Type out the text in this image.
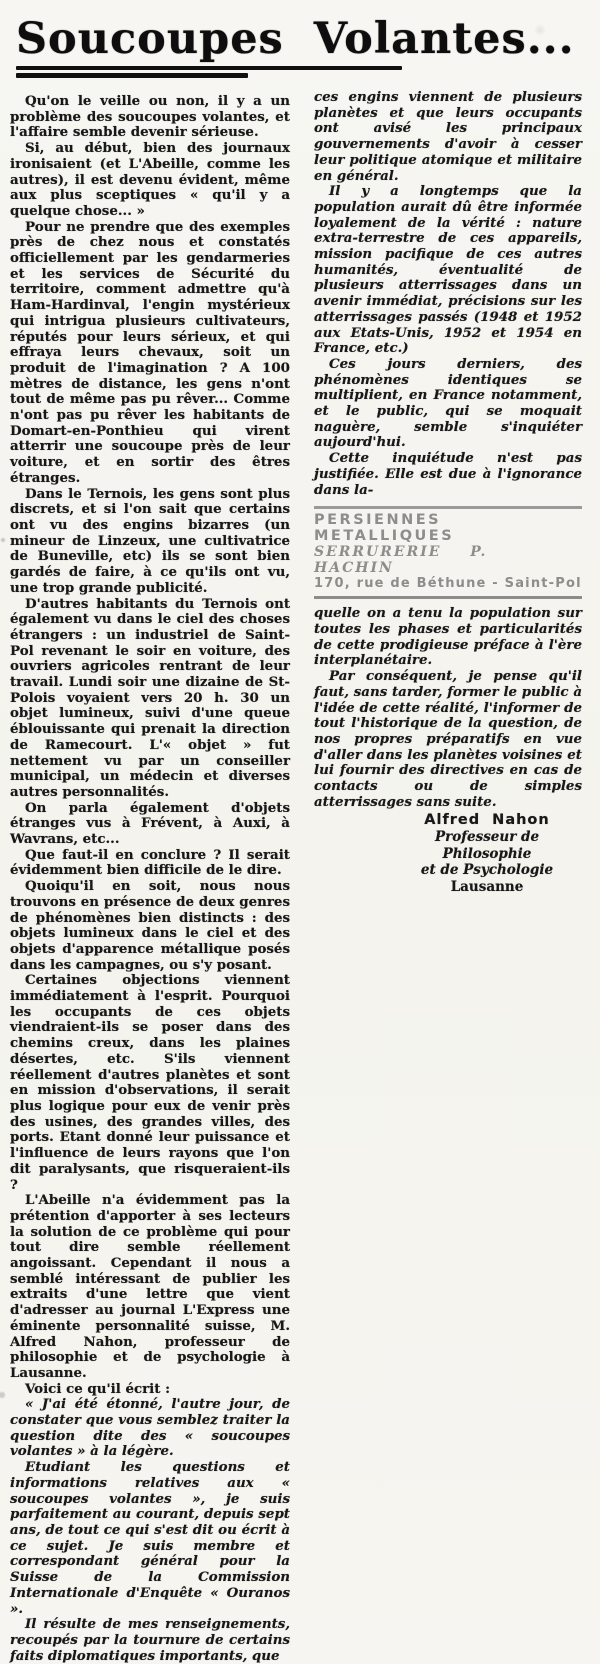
Soucoupes Volantes...

Qu'on le veille ou non, il y a un problème des soucoupes volantes, et l'affaire semble devenir sérieuse.

Si, au début, bien des journaux ironisaient (et L'Abeille, comme les autres), il est devenu évident, même aux plus sceptiques « qu'il y a quelque chose... »

Pour ne prendre que des exemples près de chez nous et constatés officiellement par les gendarmeries et les services de Sécurité du territoire, comment admettre qu'à Ham-Hardinval, l'engin mystérieux qui intrigua plusieurs cultivateurs, réputés pour leurs sérieux, et qui effraya leurs chevaux, soit un produit de l'imagination ? A 100 mètres de distance, les gens n'ont tout de même pas pu rêver... Comme n'ont pas pu rêver les habitants de Domart-en-Ponthieu qui virent atterrir une soucoupe près de leur voiture, et en sortir des êtres étranges.

Dans le Ternois, les gens sont plus discrets, et si l'on sait que certains ont vu des engins bizarres (un mineur de Linzeux, une cultivatrice de Buneville, etc) ils se sont bien gardés de faire, à ce qu'ils ont vu, une trop grande publicité.

D'autres habitants du Ternois ont également vu dans le ciel des choses étrangers : un industriel de Saint-Pol revenant le soir en voiture, des ouvriers agricoles rentrant de leur travail. Lundi soir une dizaine de St-Polois voyaient vers 20 h. 30 un objet lumineux, suivi d'une queue éblouissante qui prenait la direction de Ramecourt. L'« objet » fut nettement vu par un conseiller municipal, un médecin et diverses autres personnalités.

On parla également d'objets étranges vus à Frévent, à Auxi, à Wavrans, etc...

Que faut-il en conclure ? Il serait évidemment bien difficile de le dire.

Quoiqu'il en soit, nous nous trouvons en présence de deux genres de phénomènes bien distincts : des objets lumineux dans le ciel et des objets d'apparence métallique posés dans les campagnes, ou s'y posant.

Certaines objections viennent immédiatement à l'esprit. Pourquoi les occupants de ces objets viendraient-ils se poser dans des chemins creux, dans les plaines désertes, etc. S'ils viennent réellement d'autres planètes et sont en mission d'observations, il serait plus logique pour eux de venir près des usines, des grandes villes, des ports. Etant donné leur puissance et l'influence de leurs rayons que l'on dit paralysants, que risqueraient-ils ?

L'Abeille n'a évidemment pas la prétention d'apporter à ses lecteurs la solution de ce problème qui pour tout dire semble réellement angoissant. Cependant il nous a semblé intéressant de publier les extraits d'une lettre que vient d'adresser au journal L'Express une éminente personnalité suisse, M. Alfred Nahon, professeur de philosophie et de psychologie à Lausanne.

Voici ce qu'il écrit :

« J'ai été étonné, l'autre jour, de constater que vous semblez traiter la question dite des « soucoupes volantes » à la légère.

Etudiant les questions et informations relatives aux « soucoupes volantes », je suis parfaitement au courant, depuis sept ans, de tout ce qui s'est dit ou écrit à ce sujet. Je suis membre et correspondant général pour la Suisse de la Commission Internationale d'Enquête « Ouranos ».

Il résulte de mes renseignements, recoupés par la tournure de certains faits diplomatiques importants, que

ces engins viennent de plusieurs planètes et que leurs occupants ont avisé les principaux gouvernements d'avoir à cesser leur politique atomique et militaire en général.

Il y a longtemps que la population aurait dû être informée loyalement de la vérité : nature extra-terrestre de ces appareils, mission pacifique de ces autres humanités, éventualité de plusieurs atterrissages dans un avenir immédiat, précisions sur les atterrissages passés (1948 et 1952 aux Etats-Unis, 1952 et 1954 en France, etc.)

Ces jours derniers, des phénomènes identiques se multiplient, en France notamment, et le public, qui se moquait naguère, semble s'inquiéter aujourd'hui.

Cette inquiétude n'est pas justifiée. Elle est due à l'ignorance dans la-

PERSIENNES METALLIQUES
SERRURERIE P. HACHIN
170, rue de Béthune - Saint-Pol

quelle on a tenu la population sur toutes les phases et particularités de cette prodigieuse préface à l'ère interplanétaire.

Par conséquent, je pense qu'il faut, sans tarder, former le public à l'idée de cette réalité, l'informer de tout l'historique de la question, de nos propres préparatifs en vue d'aller dans les planètes voisines et lui fournir des directives en cas de contacts ou de simples atterrissages sans suite.

Alfred Nahon
Professeur de Philosophie
et de Psychologie
Lausanne
